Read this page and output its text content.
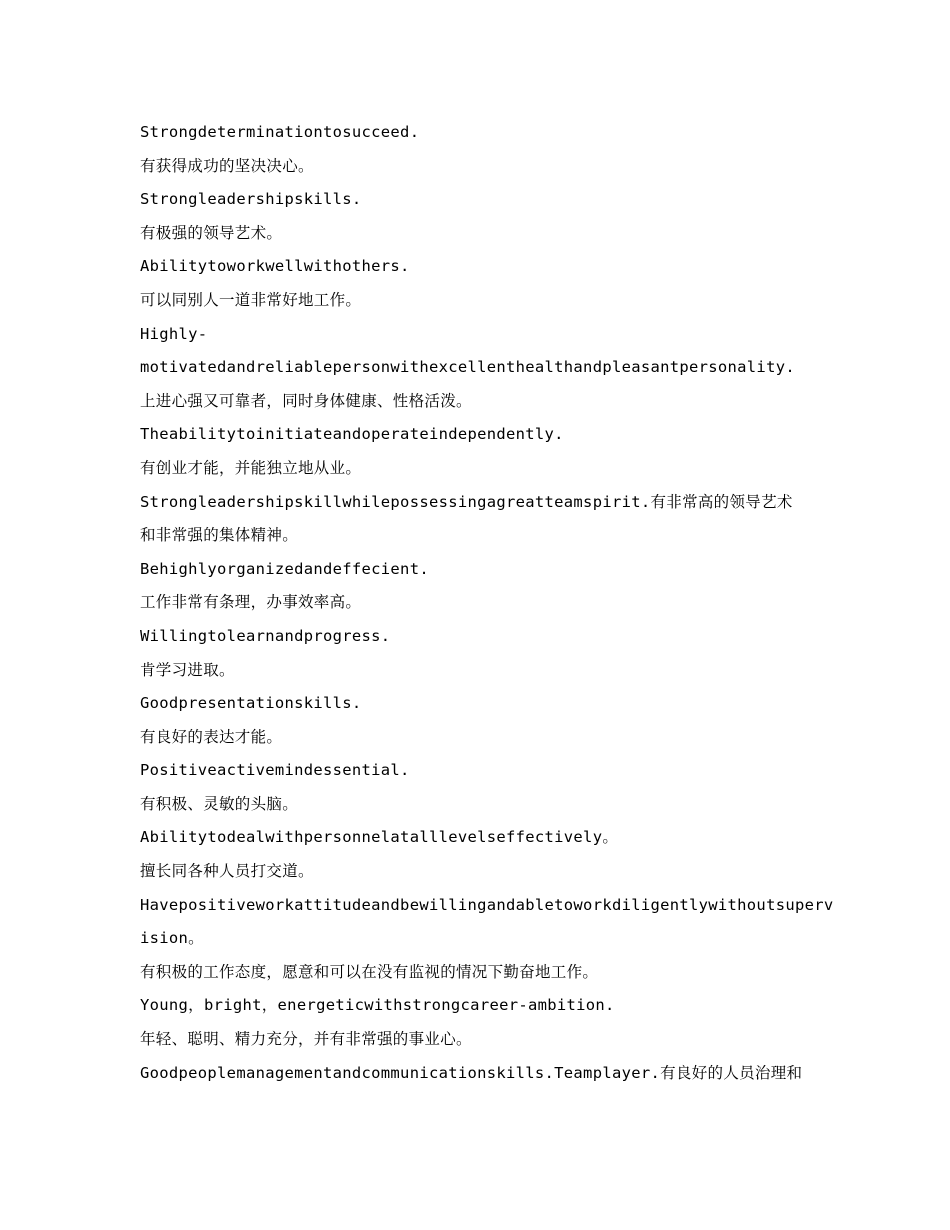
Strongdeterminationtosucceed.
有获得成功的坚决决心。
Strongleadershipskills.
有极强的领导艺术。
Abilitytoworkwellwithothers.
可以同别人一道非常好地工作。
Highly-
motivatedandreliablepersonwithexcellenthealthandpleasantpersonality.
上进心强又可靠者，同时身体健康、性格活泼。
Theabilitytoinitiateandoperateindependently.
有创业才能，并能独立地从业。
Strongleadershipskillwhilepossessingagreatteamspirit.有非常高的领导艺术
和非常强的集体精神。
Behighlyorganizedandeffecient.
工作非常有条理，办事效率高。
Willingtolearnandprogress.
肯学习进取。
Goodpresentationskills.
有良好的表达才能。
Positiveactivemindessential.
有积极、灵敏的头脑。
Abilitytodealwithpersonnelatalllevelseffectively。
擅长同各种人员打交道。
Havepositiveworkattitudeandbewillingandabletoworkdiligentlywithoutsuperv
ision。
有积极的工作态度，愿意和可以在没有监视的情况下勤奋地工作。
Young，bright，energeticwithstrongcareer-ambition.
年轻、聪明、精力充分，并有非常强的事业心。
Goodpeoplemanagementandcommunicationskills.Teamplayer.有良好的人员治理和
